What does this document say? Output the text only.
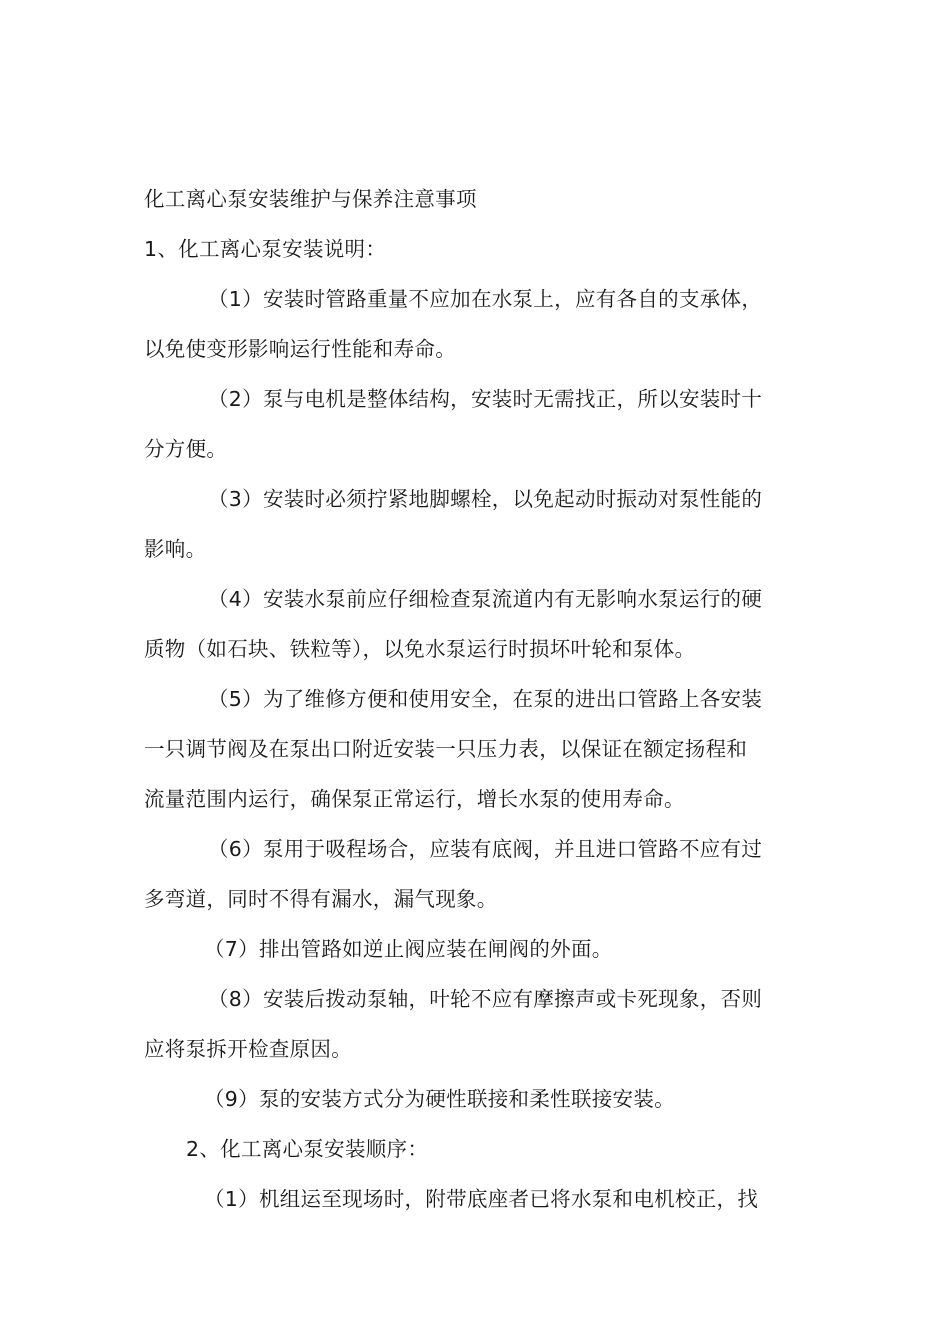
化工离心泵安装维护与保养注意事项
1、化工离心泵安装说明：
（1）安装时管路重量不应加在水泵上，应有各自的支承体，
以免使变形影响运行性能和寿命。
（2）泵与电机是整体结构，安装时无需找正，所以安装时十
分方便。
（3）安装时必须拧紧地脚螺栓，以免起动时振动对泵性能的
影响。
（4）安装水泵前应仔细检查泵流道内有无影响水泵运行的硬
质物（如石块、铁粒等），以免水泵运行时损坏叶轮和泵体。
（5）为了维修方便和使用安全，在泵的进出口管路上各安装
一只调节阀及在泵出口附近安装一只压力表，以保证在额定扬程和
流量范围内运行，确保泵正常运行，增长水泵的使用寿命。
（6）泵用于吸程场合，应装有底阀，并且进口管路不应有过
多弯道，同时不得有漏水，漏气现象。
（7）排出管路如逆止阀应装在闸阀的外面。
（8）安装后拨动泵轴，叶轮不应有摩擦声或卡死现象，否则
应将泵拆开检查原因。
（9）泵的安装方式分为硬性联接和柔性联接安装。
2、化工离心泵安装顺序：
（1）机组运至现场时，附带底座者已将水泵和电机校正，找
